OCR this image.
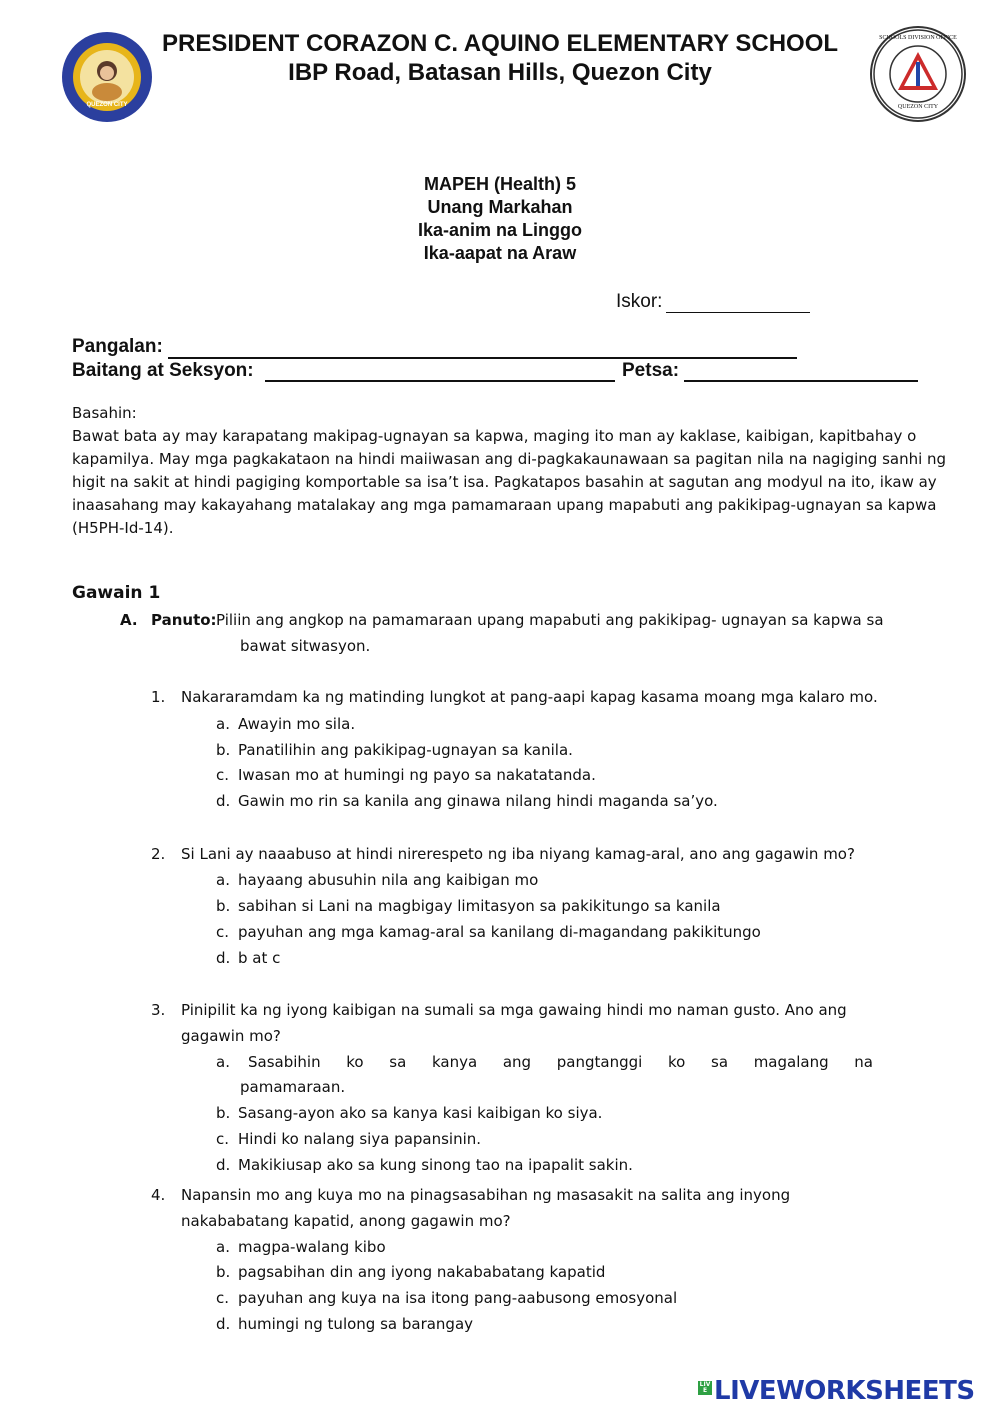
QUEZON CITY
PRESIDENT CORAZON C. AQUINO ELEMENTARY SCHOOL
IBP Road, Batasan Hills, Quezon City
SCHOOLS DIVISION OFFICE
QUEZON CITY
MAPEH (Health) 5
Unang Markahan
Ika-anim na Linggo
Ika-aapat na Araw
Iskor:
Pangalan:
Baitang at Seksyon:	Petsa:
Basahin:
Bawat bata ay may karapatang makipag-ugnayan sa kapwa, maging ito man ay kaklase, kaibigan, kapitbahay o
kapamilya. May mga pagkakataon na hindi maiiwasan ang di-pagkakaunawaan sa pagitan nila na nagiging sanhi ng
higit na sakit at hindi pagiging komportable sa isa’t isa. Pagkatapos basahin at sagutan ang modyul na ito, ikaw ay
inaasahang may kakayahang matalakay ang mga pamamaraan upang mapabuti ang pakikipag-ugnayan sa kapwa
(H5PH-Id-14).
Gawain 1
A. Panuto: Piliin ang angkop na pamamaraan upang mapabuti ang pakikipag- ugnayan sa kapwa sa
bawat sitwasyon.
1. Nakararamdam ka ng matinding lungkot at pang-aapi kapag kasama moang mga kalaro mo.
a. Awayin mo sila.
b. Panatilihin ang pakikipag-ugnayan sa kanila.
c. Iwasan mo at humingi ng payo sa nakatatanda.
d. Gawin mo rin sa kanila ang ginawa nilang hindi maganda sa’yo.
2. Si Lani ay naaabuso at hindi nirerespeto ng iba niyang kamag-aral, ano ang gagawin mo?
a. hayaang abusuhin nila ang kaibigan mo
b. sabihan si Lani na magbigay limitasyon sa pakikitungo sa kanila
c. payuhan ang mga kamag-aral sa kanilang di-magandang pakikitungo
d. b at c
3. Pinipilit ka ng iyong kaibigan na sumali sa mga gawaing hindi mo naman gusto. Ano ang
gagawin mo?
a. Sasabihin ko sa kanya ang pangtanggi ko sa magalang na
pamamaraan.
b. Sasang-ayon ako sa kanya kasi kaibigan ko siya.
c. Hindi ko nalang siya papansinin.
d. Makikiusap ako sa kung sinong tao na ipapalit sakin.
4. Napansin mo ang kuya mo na pinagsasabihan ng masasakit na salita ang inyong
nakababatang kapatid, anong gagawin mo?
a. magpa-walang kibo
b. pagsabihan din ang iyong nakababatang kapatid
c. payuhan ang kuya na isa itong pang-aabusong emosyonal
d. humingi ng tulong sa barangay
LIVE LIVEWORKSHEETS
